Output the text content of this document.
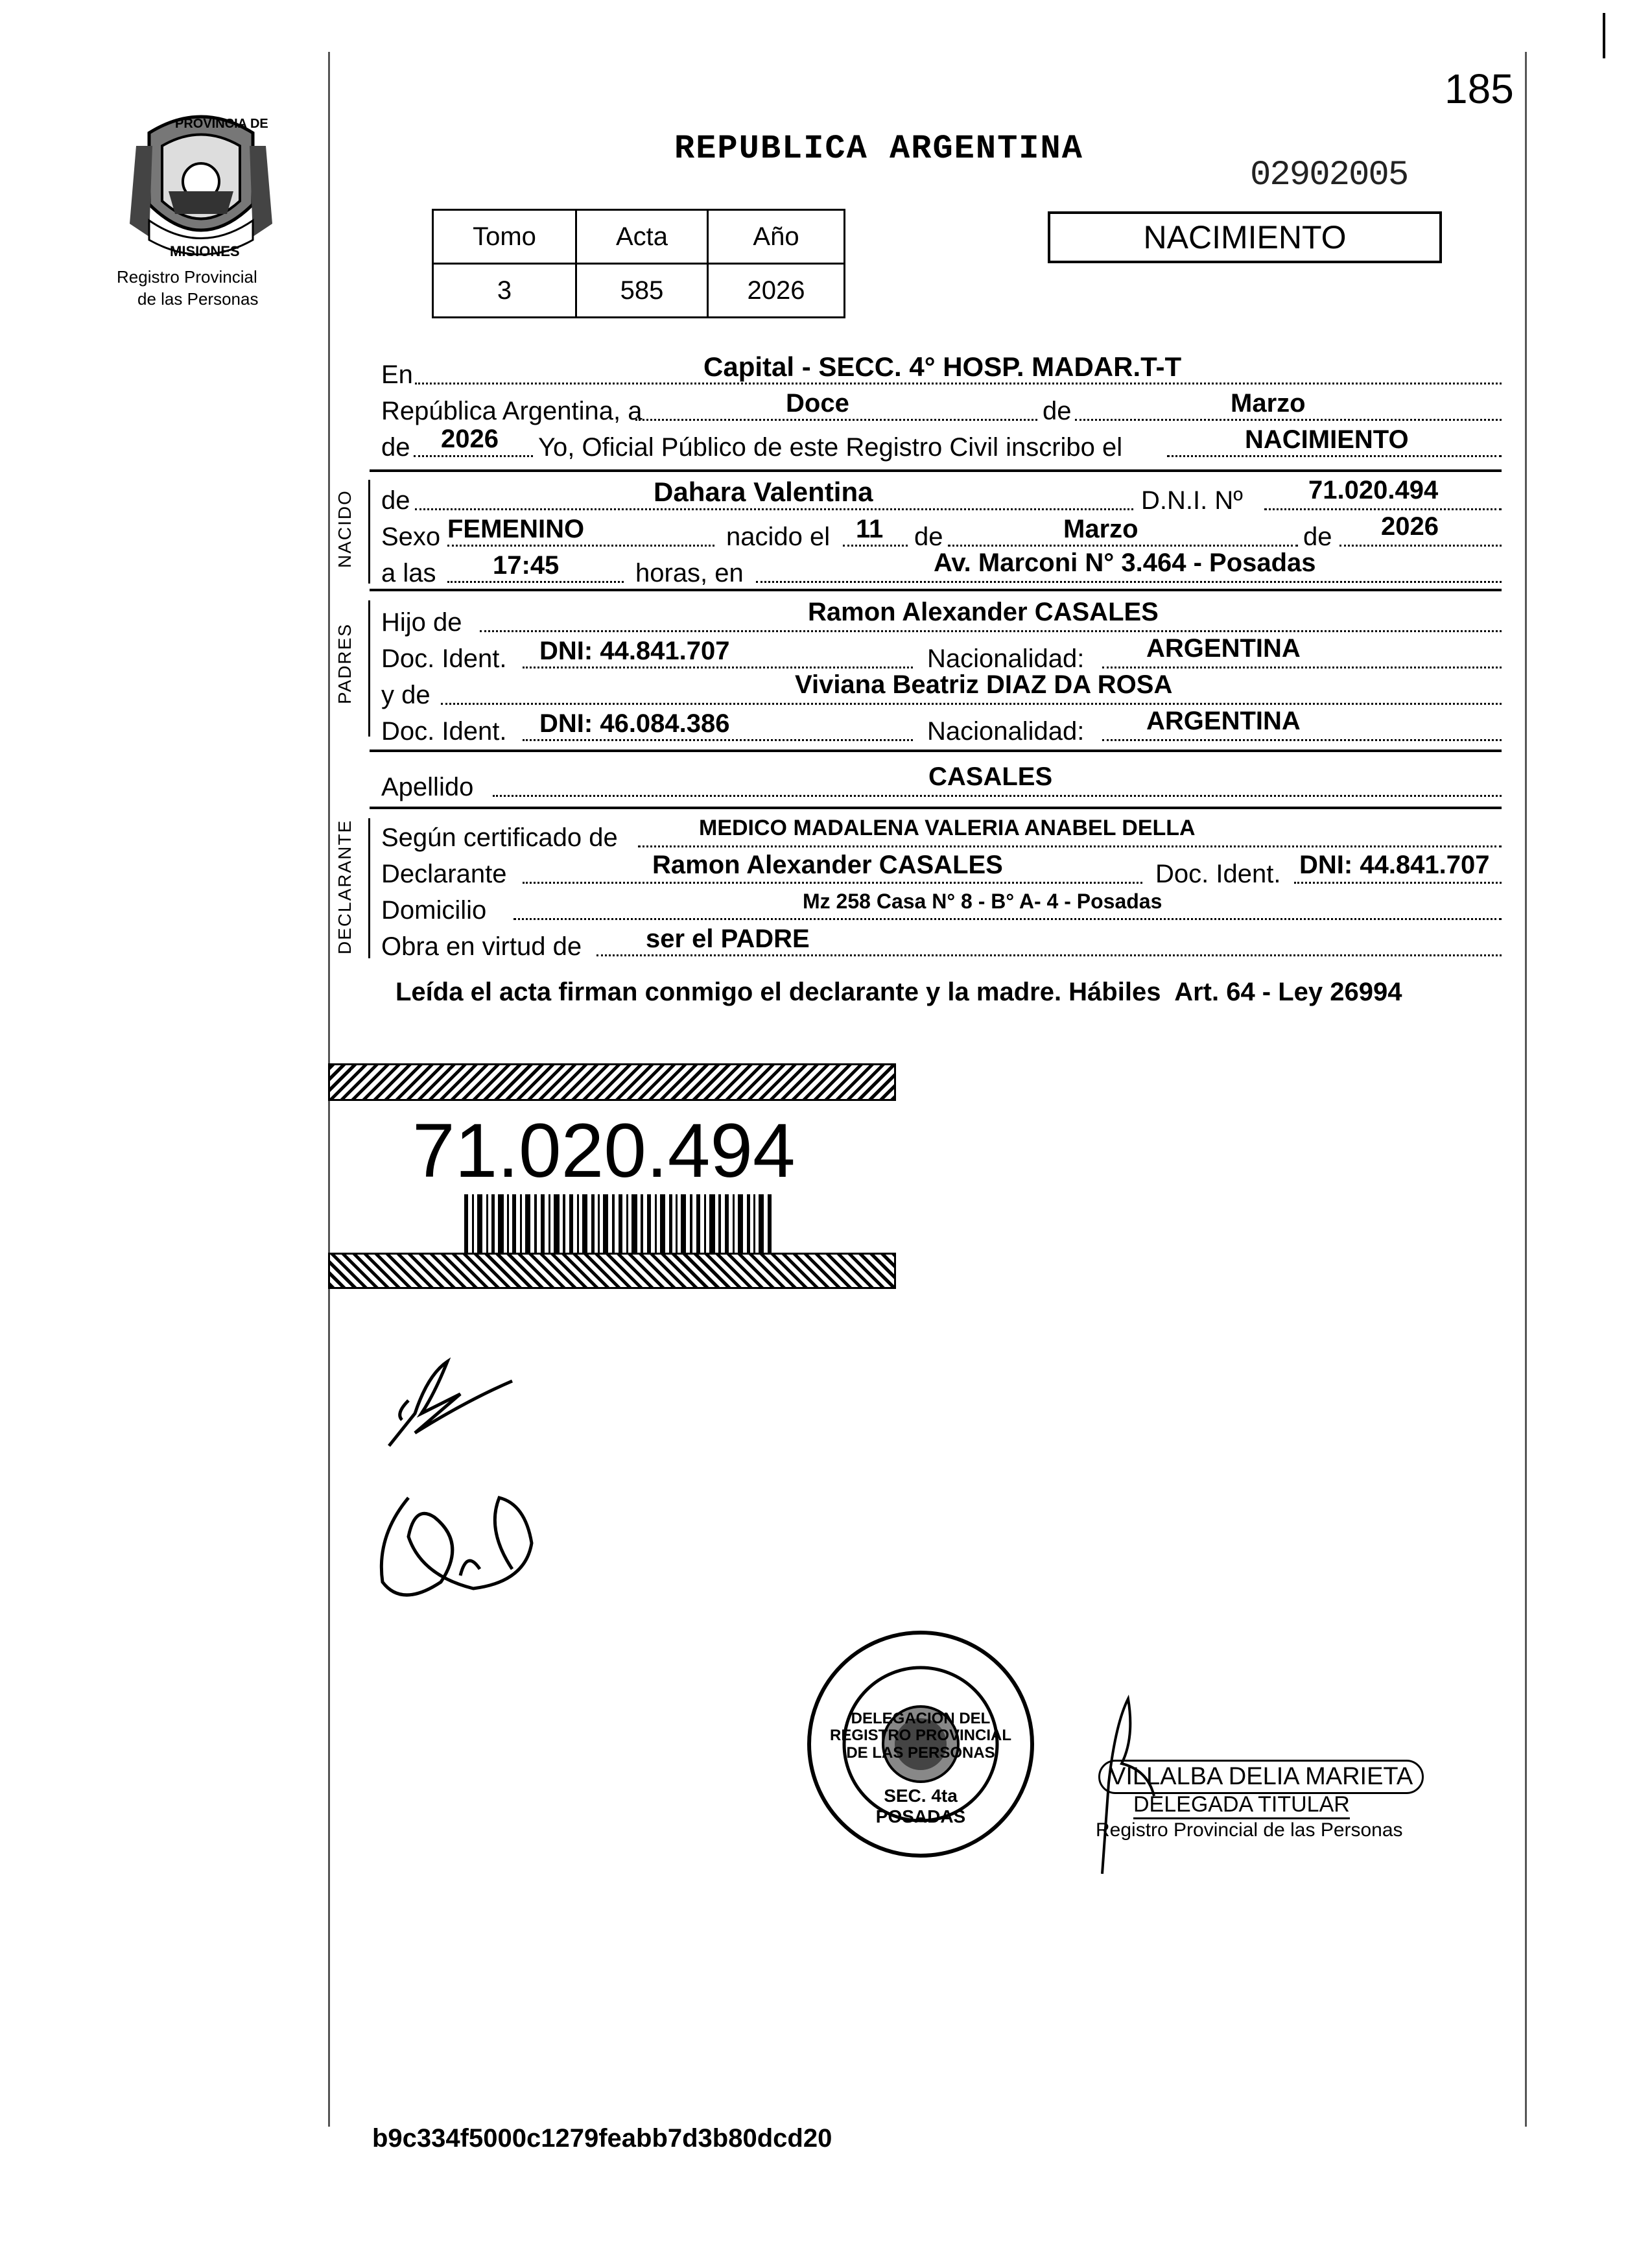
185
PROVINCIA DE
MISIONES
Registro Provincial
de las Personas
REPUBLICA ARGENTINA
02902005
Tomo	Acta	Año
3	585	2026
NACIMIENTO
En	Capital - SECC. 4° HOSP. MADAR.T-T
República Argentina, a	Doce	de	Marzo
de 2026 Yo, Oficial Público de este Registro Civil inscribo el	NACIMIENTO
NACIDO de	Dahara Valentina	D.N.I. Nº	71.020.494
Sexo FEMENINO	nacido el 11 de	Marzo	de 2026
a las 17:45	horas, en	Av. Marconi N° 3.464 - Posadas
PADRES
Hijo de	Ramon Alexander CASALES
Doc. Ident. DNI: 44.841.707	Nacionalidad: ARGENTINA
y de	Viviana Beatriz DIAZ DA ROSA
Doc. Ident. DNI: 46.084.386	Nacionalidad: ARGENTINA
Apellido	CASALES
DECLARANTE Según certificado de	MEDICO MADALENA VALERIA ANABEL DELLA
Declarante	Ramon Alexander CASALES	Doc. Ident. DNI: 44.841.707
Domicilio	Mz 258 Casa N° 8 - B° A- 4 - Posadas
Obra en virtud de ser el PADRE
Leída el acta firman conmigo el declarante y la madre. Hábiles  Art. 64 - Ley 26994
71.020.494
DELEGACION DEL REGISTRO PROVINCIAL DE LAS PERSONAS
SEC. 4ta POSADAS
VILLALBA DELIA MARIETA
DELEGADA TITULAR
Registro Provincial de las Personas
b9c334f5000c1279feabb7d3b80dcd20
